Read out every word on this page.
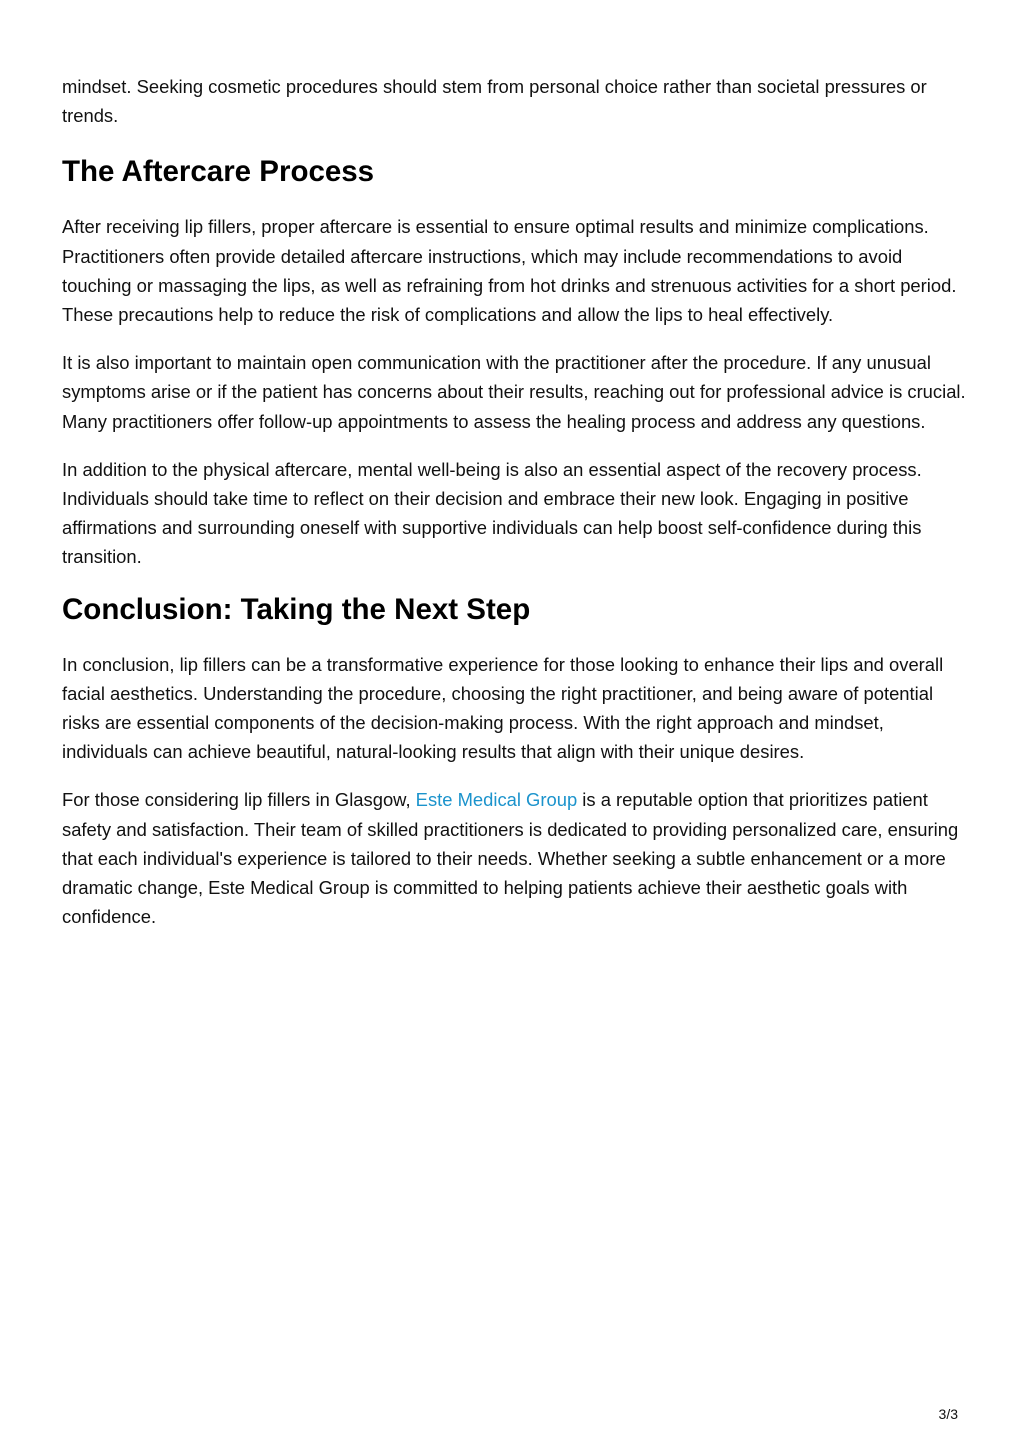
mindset. Seeking cosmetic procedures should stem from personal choice rather than societal pressures or trends.

The Aftercare Process

After receiving lip fillers, proper aftercare is essential to ensure optimal results and minimize complications. Practitioners often provide detailed aftercare instructions, which may include recommendations to avoid touching or massaging the lips, as well as refraining from hot drinks and strenuous activities for a short period. These precautions help to reduce the risk of complications and allow the lips to heal effectively.

It is also important to maintain open communication with the practitioner after the procedure. If any unusual symptoms arise or if the patient has concerns about their results, reaching out for professional advice is crucial. Many practitioners offer follow-up appointments to assess the healing process and address any questions.

In addition to the physical aftercare, mental well-being is also an essential aspect of the recovery process. Individuals should take time to reflect on their decision and embrace their new look. Engaging in positive affirmations and surrounding oneself with supportive individuals can help boost self-confidence during this transition.

Conclusion: Taking the Next Step

In conclusion, lip fillers can be a transformative experience for those looking to enhance their lips and overall facial aesthetics. Understanding the procedure, choosing the right practitioner, and being aware of potential risks are essential components of the decision-making process. With the right approach and mindset, individuals can achieve beautiful, natural-looking results that align with their unique desires.

For those considering lip fillers in Glasgow, Este Medical Group is a reputable option that prioritizes patient safety and satisfaction. Their team of skilled practitioners is dedicated to providing personalized care, ensuring that each individual's experience is tailored to their needs. Whether seeking a subtle enhancement or a more dramatic change, Este Medical Group is committed to helping patients achieve their aesthetic goals with confidence.

3/3
